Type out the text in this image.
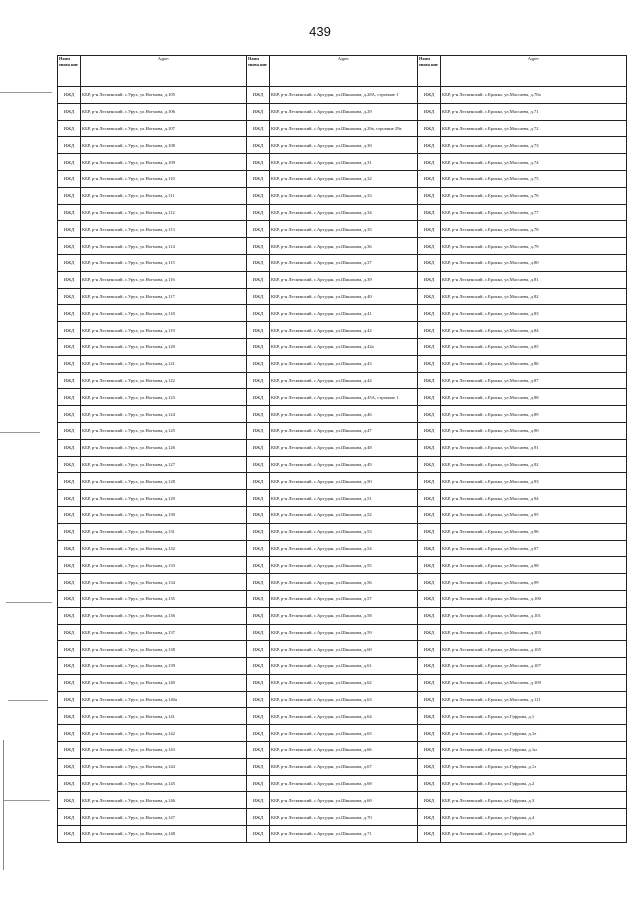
439
Наим енова ние	Адрес	Наим енова ние	Адрес	Наим енова ние	Адрес
ИЖД	КБР, р-н Лескенский, с.Урух, ул.Ногмова, д.105	ИЖД	КБР, р-н Лескенский, с.Аргудан, ул.Шинахова, д.28А, строение 1	ИЖД	КБР, р-н Лескенский, с.Ерокко, ул.Массаева, д.70а
ИЖД	КБР, р-н Лескенский, с.Урух, ул.Ногмова, д.106	ИЖД	КБР, р-н Лескенский, с.Аргудан, ул.Шинахова, д.29	ИЖД	КБР, р-н Лескенский, с.Ерокко, ул.Массаева, д.71
ИЖД	КБР, р-н Лескенский, с.Урух, ул.Ногмова, д.107	ИЖД	КБР, р-н Лескенский, с.Аргудан, ул.Шинахова, д.29а, строение 29а	ИЖД	КБР, р-н Лескенский, с.Ерокко, ул.Массаева, д.72
ИЖД	КБР, р-н Лескенский, с.Урух, ул.Ногмова, д.108	ИЖД	КБР, р-н Лескенский, с.Аргудан, ул.Шинахова, д.30	ИЖД	КБР, р-н Лескенский, с.Ерокко, ул.Массаева, д.73
ИЖД	КБР, р-н Лескенский, с.Урух, ул.Ногмова, д.109	ИЖД	КБР, р-н Лескенский, с.Аргудан, ул.Шинахова, д.31	ИЖД	КБР, р-н Лескенский, с.Ерокко, ул.Массаева, д.74
ИЖД	КБР, р-н Лескенский, с.Урух, ул.Ногмова, д.110	ИЖД	КБР, р-н Лескенский, с.Аргудан, ул.Шинахова, д.32	ИЖД	КБР, р-н Лескенский, с.Ерокко, ул.Массаева, д.75
ИЖД	КБР, р-н Лескенский, с.Урух, ул.Ногмова, д.111	ИЖД	КБР, р-н Лескенский, с.Аргудан, ул.Шинахова, д.33	ИЖД	КБР, р-н Лескенский, с.Ерокко, ул.Массаева, д.76
ИЖД	КБР, р-н Лескенский, с.Урух, ул.Ногмова, д.112	ИЖД	КБР, р-н Лескенский, с.Аргудан, ул.Шинахова, д.34	ИЖД	КБР, р-н Лескенский, с.Ерокко, ул.Массаева, д.77
ИЖД	КБР, р-н Лескенский, с.Урух, ул.Ногмова, д.113	ИЖД	КБР, р-н Лескенский, с.Аргудан, ул.Шинахова, д.35	ИЖД	КБР, р-н Лескенский, с.Ерокко, ул.Массаева, д.78
ИЖД	КБР, р-н Лескенский, с.Урух, ул.Ногмова, д.114	ИЖД	КБР, р-н Лескенский, с.Аргудан, ул.Шинахова, д.36	ИЖД	КБР, р-н Лескенский, с.Ерокко, ул.Массаева, д.79
ИЖД	КБР, р-н Лескенский, с.Урух, ул.Ногмова, д.115	ИЖД	КБР, р-н Лескенский, с.Аргудан, ул.Шинахова, д.37	ИЖД	КБР, р-н Лескенский, с.Ерокко, ул.Массаева, д.80
ИЖД	КБР, р-н Лескенский, с.Урух, ул.Ногмова, д.116	ИЖД	КБР, р-н Лескенский, с.Аргудан, ул.Шинахова, д.39	ИЖД	КБР, р-н Лескенский, с.Ерокко, ул.Массаева, д.81
ИЖД	КБР, р-н Лескенский, с.Урух, ул.Ногмова, д.117	ИЖД	КБР, р-н Лескенский, с.Аргудан, ул.Шинахова, д.40	ИЖД	КБР, р-н Лескенский, с.Ерокко, ул.Массаева, д.82
ИЖД	КБР, р-н Лескенский, с.Урух, ул.Ногмова, д.118	ИЖД	КБР, р-н Лескенский, с.Аргудан, ул.Шинахова, д.41	ИЖД	КБР, р-н Лескенский, с.Ерокко, ул.Массаева, д.83
ИЖД	КБР, р-н Лескенский, с.Урух, ул.Ногмова, д.119	ИЖД	КБР, р-н Лескенский, с.Аргудан, ул.Шинахова, д.42	ИЖД	КБР, р-н Лескенский, с.Ерокко, ул.Массаева, д.84
ИЖД	КБР, р-н Лескенский, с.Урух, ул.Ногмова, д.120	ИЖД	КБР, р-н Лескенский, с.Аргудан, ул.Шинахова, д.42а	ИЖД	КБР, р-н Лескенский, с.Ерокко, ул.Массаева, д.85
ИЖД	КБР, р-н Лескенский, с.Урух, ул.Ногмова, д.121	ИЖД	КБР, р-н Лескенский, с.Аргудан, ул.Шинахова, д.43	ИЖД	КБР, р-н Лескенский, с.Ерокко, ул.Массаева, д.86
ИЖД	КБР, р-н Лескенский, с.Урух, ул.Ногмова, д.122	ИЖД	КБР, р-н Лескенский, с.Аргудан, ул.Шинахова, д.44	ИЖД	КБР, р-н Лескенский, с.Ерокко, ул.Массаева, д.87
ИЖД	КБР, р-н Лескенский, с.Урух, ул.Ногмова, д.123	ИЖД	КБР, р-н Лескенский, с.Аргудан, ул.Шинахова, д.45А, строение 1	ИЖД	КБР, р-н Лескенский, с.Ерокко, ул.Массаева, д.88
ИЖД	КБР, р-н Лескенский, с.Урух, ул.Ногмова, д.124	ИЖД	КБР, р-н Лескенский, с.Аргудан, ул.Шинахова, д.46	ИЖД	КБР, р-н Лескенский, с.Ерокко, ул.Массаева, д.89
ИЖД	КБР, р-н Лескенский, с.Урух, ул.Ногмова, д.125	ИЖД	КБР, р-н Лескенский, с.Аргудан, ул.Шинахова, д.47	ИЖД	КБР, р-н Лескенский, с.Ерокко, ул.Массаева, д.90
ИЖД	КБР, р-н Лескенский, с.Урух, ул.Ногмова, д.126	ИЖД	КБР, р-н Лескенский, с.Аргудан, ул.Шинахова, д.48	ИЖД	КБР, р-н Лескенский, с.Ерокко, ул.Массаева, д.91
ИЖД	КБР, р-н Лескенский, с.Урух, ул.Ногмова, д.127	ИЖД	КБР, р-н Лескенский, с.Аргудан, ул.Шинахова, д.49	ИЖД	КБР, р-н Лескенский, с.Ерокко, ул.Массаева, д.92
ИЖД	КБР, р-н Лескенский, с.Урух, ул.Ногмова, д.128	ИЖД	КБР, р-н Лескенский, с.Аргудан, ул.Шинахова, д.50	ИЖД	КБР, р-н Лескенский, с.Ерокко, ул.Массаева, д.93
ИЖД	КБР, р-н Лескенский, с.Урух, ул.Ногмова, д.129	ИЖД	КБР, р-н Лескенский, с.Аргудан, ул.Шинахова, д.51	ИЖД	КБР, р-н Лескенский, с.Ерокко, ул.Массаева, д.94
ИЖД	КБР, р-н Лескенский, с.Урух, ул.Ногмова, д.130	ИЖД	КБР, р-н Лескенский, с.Аргудан, ул.Шинахова, д.52	ИЖД	КБР, р-н Лескенский, с.Ерокко, ул.Массаева, д.95
ИЖД	КБР, р-н Лескенский, с.Урух, ул.Ногмова, д.131	ИЖД	КБР, р-н Лескенский, с.Аргудан, ул.Шинахова, д.53	ИЖД	КБР, р-н Лескенский, с.Ерокко, ул.Массаева, д.96
ИЖД	КБР, р-н Лескенский, с.Урух, ул.Ногмова, д.132	ИЖД	КБР, р-н Лескенский, с.Аргудан, ул.Шинахова, д.54	ИЖД	КБР, р-н Лескенский, с.Ерокко, ул.Массаева, д.97
ИЖД	КБР, р-н Лескенский, с.Урух, ул.Ногмова, д.133	ИЖД	КБР, р-н Лескенский, с.Аргудан, ул.Шинахова, д.55	ИЖД	КБР, р-н Лескенский, с.Ерокко, ул.Массаева, д.98
ИЖД	КБР, р-н Лескенский, с.Урух, ул.Ногмова, д.134	ИЖД	КБР, р-н Лескенский, с.Аргудан, ул.Шинахова, д.56	ИЖД	КБР, р-н Лескенский, с.Ерокко, ул.Массаева, д.99
ИЖД	КБР, р-н Лескенский, с.Урух, ул.Ногмова, д.135	ИЖД	КБР, р-н Лескенский, с.Аргудан, ул.Шинахова, д.57	ИЖД	КБР, р-н Лескенский, с.Ерокко, ул.Массаева, д.100
ИЖД	КБР, р-н Лескенский, с.Урух, ул.Ногмова, д.136	ИЖД	КБР, р-н Лескенский, с.Аргудан, ул.Шинахова, д.58	ИЖД	КБР, р-н Лескенский, с.Ерокко, ул.Массаева, д.101
ИЖД	КБР, р-н Лескенский, с.Урух, ул.Ногмова, д.137	ИЖД	КБР, р-н Лескенский, с.Аргудан, ул.Шинахова, д.59	ИЖД	КБР, р-н Лескенский, с.Ерокко, ул.Массаева, д.103
ИЖД	КБР, р-н Лескенский, с.Урух, ул.Ногмова, д.138	ИЖД	КБР, р-н Лескенский, с.Аргудан, ул.Шинахова, д.60	ИЖД	КБР, р-н Лескенский, с.Ерокко, ул.Массаева, д.105
ИЖД	КБР, р-н Лескенский, с.Урух, ул.Ногмова, д.139	ИЖД	КБР, р-н Лескенский, с.Аргудан, ул.Шинахова, д.61	ИЖД	КБР, р-н Лескенский, с.Ерокко, ул.Массаева, д.107
ИЖД	КБР, р-н Лескенский, с.Урух, ул.Ногмова, д.140	ИЖД	КБР, р-н Лескенский, с.Аргудан, ул.Шинахова, д.62	ИЖД	КБР, р-н Лескенский, с.Ерокко, ул.Массаева, д.109
ИЖД	КБР, р-н Лескенский, с.Урух, ул.Ногмова, д.140а	ИЖД	КБР, р-н Лескенский, с.Аргудан, ул.Шинахова, д.63	ИЖД	КБР, р-н Лескенский, с.Ерокко, ул.Массаева, д.111
ИЖД	КБР, р-н Лескенский, с.Урух, ул.Ногмова, д.141	ИЖД	КБР, р-н Лескенский, с.Аргудан, ул.Шинахова, д.64	ИЖД	КБР, р-н Лескенский, с.Ерокко, ул.Гуфрова, д.1
ИЖД	КБР, р-н Лескенский, с.Урух, ул.Ногмова, д.142	ИЖД	КБР, р-н Лескенский, с.Аргудан, ул.Шинахова, д.65	ИЖД	КБР, р-н Лескенский, с.Ерокко, ул.Гуфрова, д.1е
ИЖД	КБР, р-н Лескенский, с.Урух, ул.Ногмова, д.143	ИЖД	КБР, р-н Лескенский, с.Аргудан, ул.Шинахова, д.66	ИЖД	КБР, р-н Лескенский, с.Ерокко, ул.Гуфрова, д.1н
ИЖД	КБР, р-н Лескенский, с.Урух, ул.Ногмова, д.144	ИЖД	КБР, р-н Лескенский, с.Аргудан, ул.Шинахова, д.67	ИЖД	КБР, р-н Лескенский, с.Ерокко, ул.Гуфрова, д.1з
ИЖД	КБР, р-н Лескенский, с.Урух, ул.Ногмова, д.145	ИЖД	КБР, р-н Лескенский, с.Аргудан, ул.Шинахова, д.68	ИЖД	КБР, р-н Лескенский, с.Ерокко, ул.Гуфрова, д.2
ИЖД	КБР, р-н Лескенский, с.Урух, ул.Ногмова, д.146	ИЖД	КБР, р-н Лескенский, с.Аргудан, ул.Шинахова, д.69	ИЖД	КБР, р-н Лескенский, с.Ерокко, ул.Гуфрова, д.3
ИЖД	КБР, р-н Лескенский, с.Урух, ул.Ногмова, д.147	ИЖД	КБР, р-н Лескенский, с.Аргудан, ул.Шинахова, д.70	ИЖД	КБР, р-н Лескенский, с.Ерокко, ул.Гуфрова, д.4
ИЖД	КБР, р-н Лескенский, с.Урух, ул.Ногмова, д.148	ИЖД	КБР, р-н Лескенский, с.Аргудан, ул.Шинахова, д.71	ИЖД	КБР, р-н Лескенский, с.Ерокко, ул.Гуфрова, д.5
